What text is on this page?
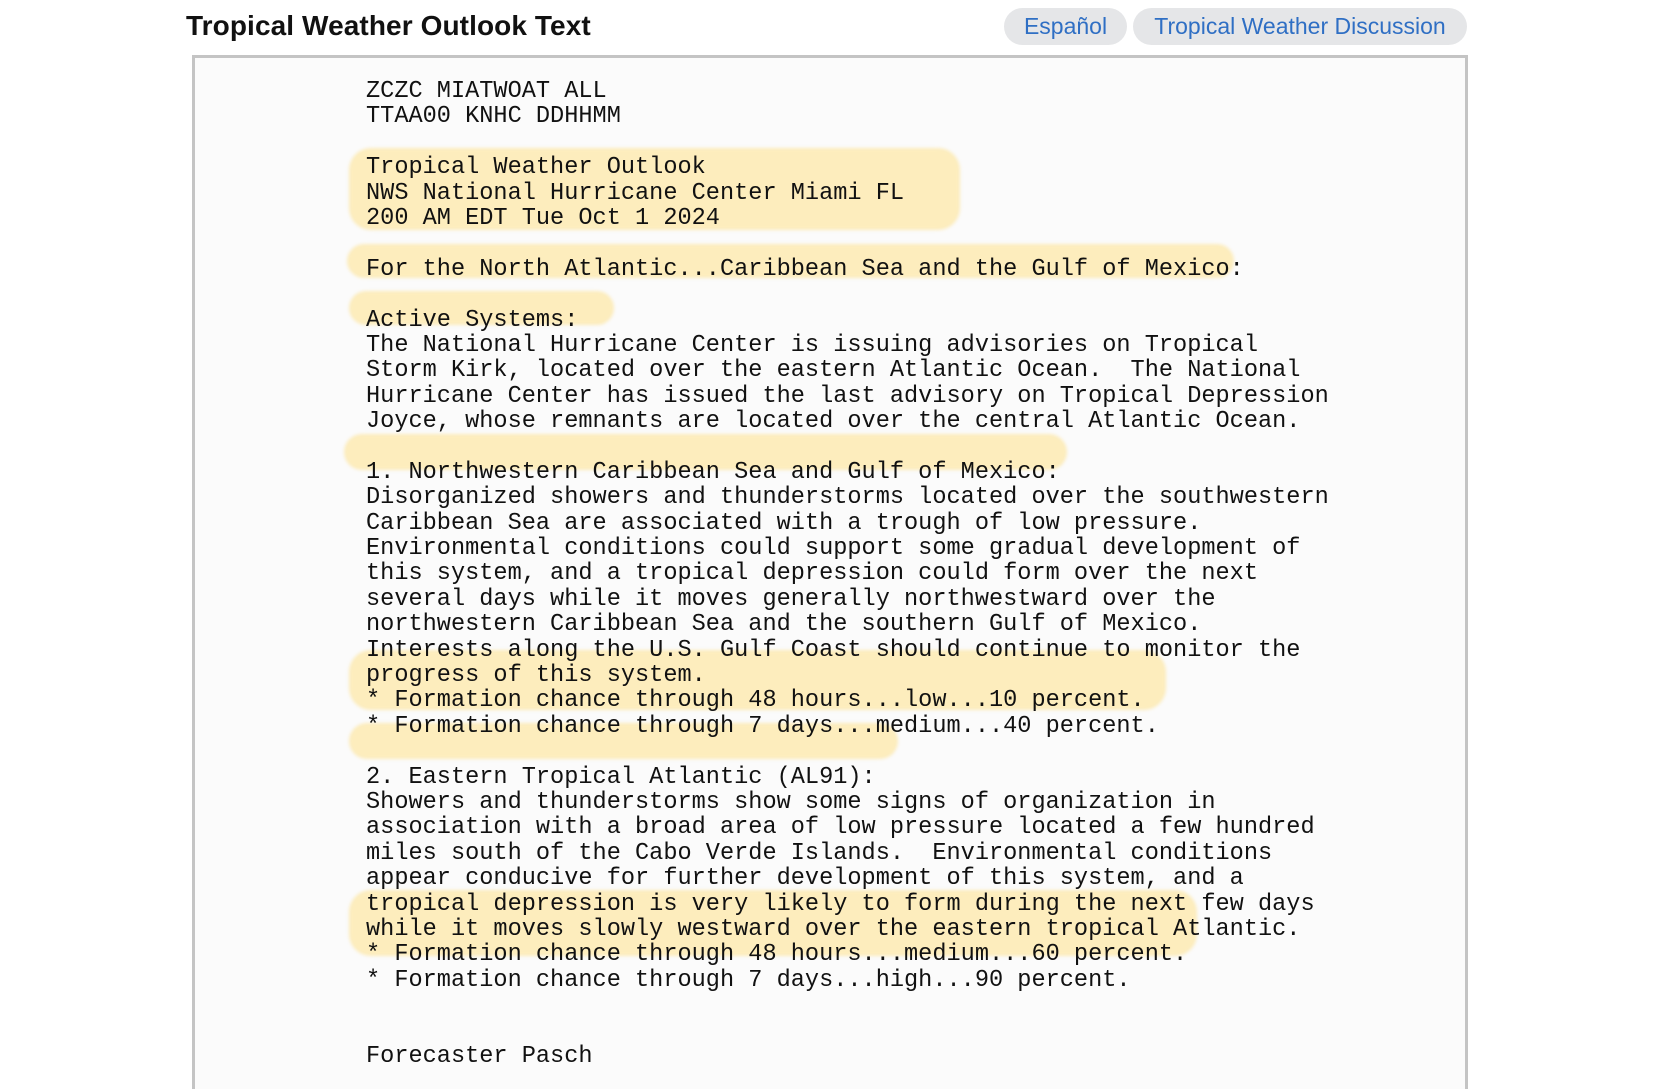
Tropical Weather Outlook Text	Español	Tropical Weather Discussion
ZCZC MIATWOAT ALL
TTAA00 KNHC DDHHMM
Tropical Weather Outlook
NWS National Hurricane Center Miami FL
200 AM EDT Tue Oct 1 2024
For the North Atlantic...Caribbean Sea and the Gulf of Mexico:
Active Systems:
The National Hurricane Center is issuing advisories on Tropical
Storm Kirk, located over the eastern Atlantic Ocean.  The National
Hurricane Center has issued the last advisory on Tropical Depression
Joyce, whose remnants are located over the central Atlantic Ocean.
1. Northwestern Caribbean Sea and Gulf of Mexico:
Disorganized showers and thunderstorms located over the southwestern
Caribbean Sea are associated with a trough of low pressure.
Environmental conditions could support some gradual development of
this system, and a tropical depression could form over the next
several days while it moves generally northwestward over the
northwestern Caribbean Sea and the southern Gulf of Mexico.
Interests along the U.S. Gulf Coast should continue to monitor the
progress of this system.
* Formation chance through 48 hours...low...10 percent.
* Formation chance through 7 days...medium...40 percent.
2. Eastern Tropical Atlantic (AL91):
Showers and thunderstorms show some signs of organization in
association with a broad area of low pressure located a few hundred
miles south of the Cabo Verde Islands.  Environmental conditions
appear conducive for further development of this system, and a
tropical depression is very likely to form during the next few days
while it moves slowly westward over the eastern tropical Atlantic.
* Formation chance through 48 hours...medium...60 percent.
* Formation chance through 7 days...high...90 percent.
Forecaster Pasch
